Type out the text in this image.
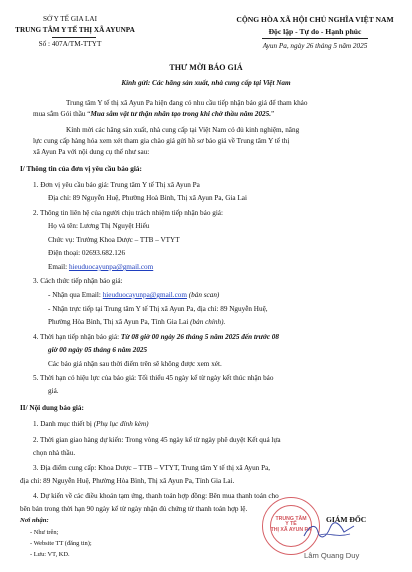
SỞ Y TẾ GIA LAI
TRUNG TÂM Y TẾ THỊ XÃ AYUNPA
Số : 407A/TM-TTYT
CỘNG HÒA XÃ HỘI CHỦ NGHĨA VIỆT NAM
Độc lập - Tự do - Hạnh phúc
Ayun Pa, ngày 26 tháng 5 năm 2025
THƯ MỜI BÁO GIÁ
Kính gửi: Các hãng sản xuất, nhà cung cấp tại Việt Nam
Trung tâm Y tế thị xã Ayun Pa hiện đang có nhu cầu tiếp nhận báo giá để tham khảo
mua sắm Gói thầu “Mua sắm vật tư thận nhân tạo trong khi chờ thầu năm 2025.”
Kính mời các hãng sản xuất, nhà cung cấp tại Việt Nam có đủ kinh nghiệm, năng
lực cung cấp hàng hóa xem xét tham gia chào giá gửi hồ sơ báo giá về Trung tâm Y tế thị
xã Ayun Pa với nội dung cụ thể như sau:
I/ Thông tin của đơn vị yêu cầu báo giá:
1. Đơn vị yêu cầu báo giá: Trung tâm Y tế Thị xã Ayun Pa
Địa chỉ: 89 Nguyễn Huệ, Phường Hoà Bình, Thị xã Ayun Pa, Gia Lai
2. Thông tin liên hệ của người chịu trách nhiệm tiếp nhận báo giá:
Họ và tên: Lương Thị Nguyệt Hiếu
Chức vụ: Trưởng Khoa Dược – TTB – VTYT
Điện thoại: 02693.682.126
Email: hieuduocayunpa@gmail.com
3. Cách thức tiếp nhận báo giá:
- Nhận qua Email: hieuduocayunpa@gmail.com (bản scan)
- Nhận trực tiếp tại Trung tâm Y tế Thị xã Ayun Pa, địa chỉ: 89 Nguyễn Huệ,
Phường Hòa Bình, Thị xã Ayun Pa, Tỉnh Gia Lai (bản chính).
4. Thời hạn tiếp nhận báo giá: Từ 08 giờ 00 ngày 26 tháng 5 năm 2025 đến trước 08
giờ 00 ngày 05 tháng 6 năm 2025
Các báo giá nhận sau thời điểm trên sẽ không được xem xét.
5. Thời hạn có hiệu lực của báo giá: Tối thiểu 45 ngày kể từ ngày kết thúc nhận báo
giá.
II/ Nội dung báo giá:
1. Danh mục thiết bị (Phụ lục đính kèm)
2. Thời gian giao hàng dự kiến: Trong vòng 45 ngày kể từ ngày phê duyệt Kết quả lựa
chọn nhà thầu.
3. Địa điểm cung cấp: Khoa Dược – TTB – VTYT, Trung tâm Y tế thị xã Ayun Pa,
địa chỉ: 89 Nguyễn Huệ, Phường Hòa Bình, Thị xã Ayun Pa, Tỉnh Gia Lai.
4. Dự kiến về các điều khoản tạm ứng, thanh toán hợp đồng: Bên mua thanh toán cho
bên bán trong thời hạn 90 ngày kể từ ngày nhận đủ chứng từ thanh toán hợp lệ.
Nơi nhận:
- Như trên;
- Website TT (đăng tin);
- Lưu: VT, KD.
GIÁM ĐỐC
TRUNG TÂM
Y TẾ
THỊ XÃ AYUN PA
Lâm Quang Duy
